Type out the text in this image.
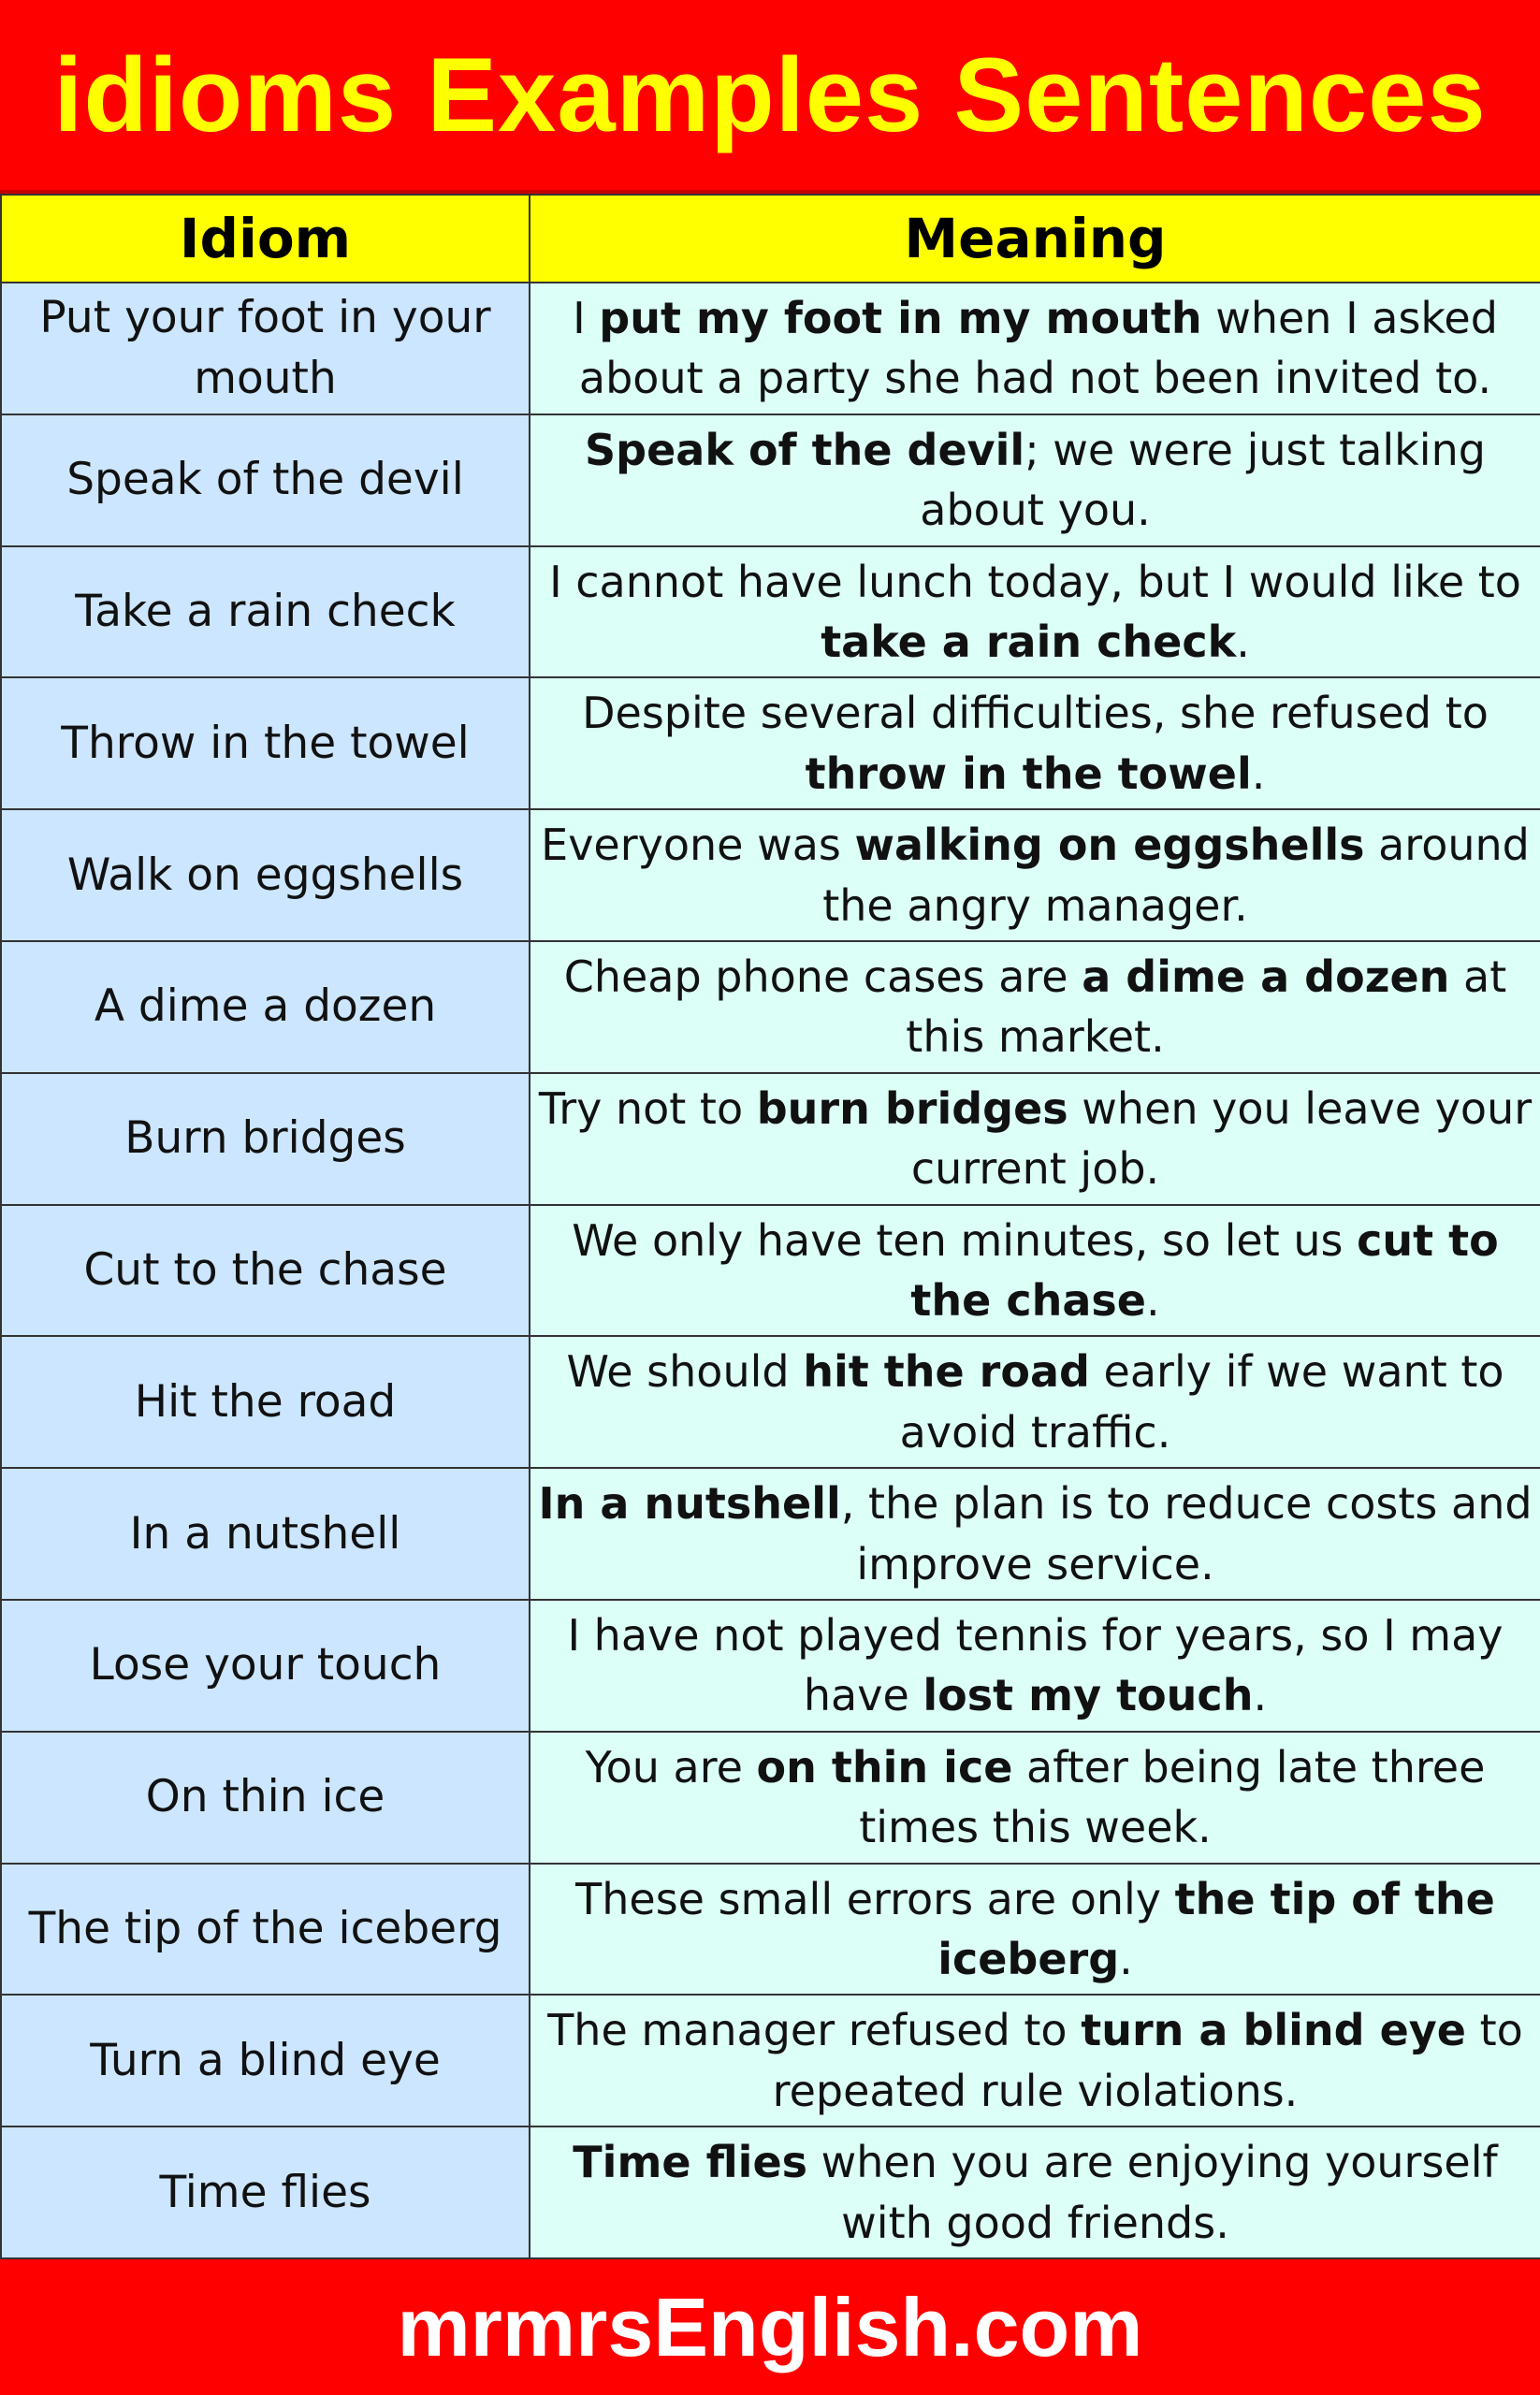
idioms Examples Sentences
Idiom	Meaning
Put your foot in your mouth	I put my foot in my mouth when I asked about a party she had not been invited to.
Speak of the devil	Speak of the devil; we were just talking about you.
Take a rain check	I cannot have lunch today, but I would like to take a rain check.
Throw in the towel	Despite several difficulties, she refused to throw in the towel.
Walk on eggshells	Everyone was walking on eggshells around the angry manager.
A dime a dozen	Cheap phone cases are a dime a dozen at this market.
Burn bridges	Try not to burn bridges when you leave your current job.
Cut to the chase	We only have ten minutes, so let us cut to the chase.
Hit the road	We should hit the road early if we want to avoid traffic.
In a nutshell	In a nutshell, the plan is to reduce costs and improve service.
Lose your touch	I have not played tennis for years, so I may have lost my touch.
On thin ice	You are on thin ice after being late three times this week.
The tip of the iceberg	These small errors are only the tip of the iceberg.
Turn a blind eye	The manager refused to turn a blind eye to repeated rule violations.
Time flies	Time flies when you are enjoying yourself with good friends.
mrmrsEnglish.com
